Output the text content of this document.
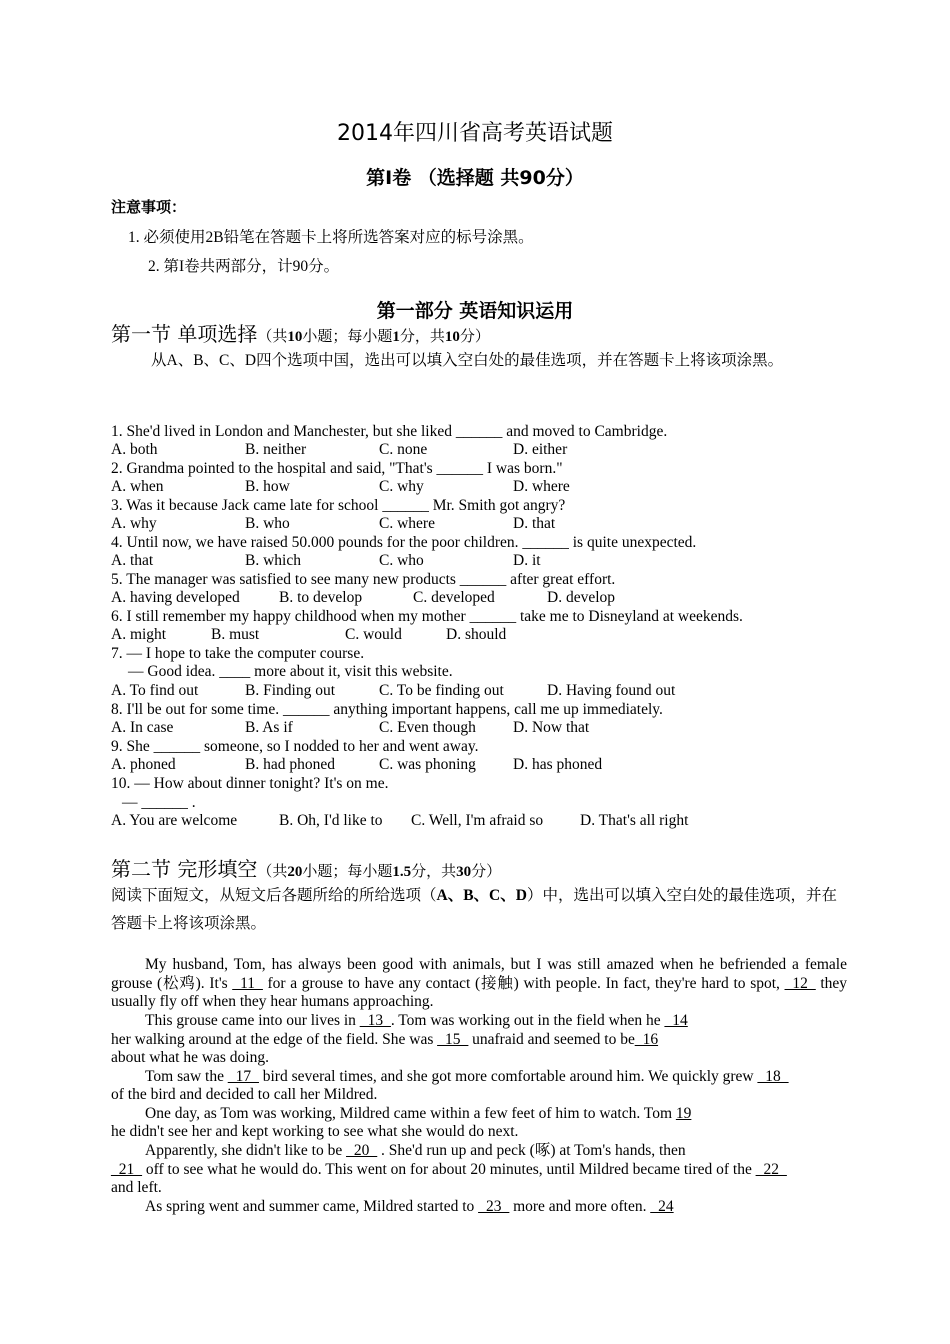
2014年四川省高考英语试题
第Ⅰ卷 （选择题 共90分）
注意事项：
1. 必须使用2B铅笔在答题卡上将所选答案对应的标号涂黑。
2. 第I卷共两部分，计90分。
第一部分 英语知识运用
第一节 单项选择（共10小题；每小题1分，共10分）
从A、B、C、D四个选项中国，选出可以填入空白处的最佳选项，并在答题卡上将该项涂黑。
1. She'd lived in London and Manchester, but she liked ______ and moved to Cambridge.
A. both	B. neither	C. none	D. either
2. Grandma pointed to the hospital and said, "That's ______ I was born."
A. when	B. how	C. why	D. where
3. Was it because Jack came late for school ______ Mr. Smith got angry?
A. why	B. who	C. where	D. that
4. Until now, we have raised 50.000 pounds for the poor children. ______ is quite unexpected.
A. that	B. which	C. who	D. it
5. The manager was satisfied to see many new products ______ after great effort.
A. having developed	B. to develop	C. developed	D. develop
6. I still remember my happy childhood when my mother ______ take me to Disneyland at weekends.
A. might	B. must	C. would	D. should
7. — I hope to take the computer course.
— Good idea. ____ more about it, visit this website.
A. To find out	B. Finding out	C. To be finding out	D. Having found out
8. I'll be out for some time. ______ anything important happens, call me up immediately.
A. In case	B. As if	C. Even though D. Now that
9. She ______ someone, so I nodded to her and went away.
A. phoned	B. had phoned	C. was phoning D. has phoned
10. — How about dinner tonight? It's on me.
— ______ .
A. You are welcome	B. Oh, I'd like to C. Well, I'm afraid so D. That's all right
第二节 完形填空（共20小题；每小题1.5分，共30分）
阅读下面短文，从短文后各题所给的所给选项（A、B、C、D）中，选出可以填入空白处的最佳选项，并在答题卡上将该项涂黑。
My husband, Tom, has always been good with animals, but I was still amazed when he befriended a female grouse (松鸡). It's _11_ for a grouse to have any contact (接触) with people. In fact, they're hard to spot, _12_ they usually fly off when they hear humans approaching.
This grouse came into our lives in _13_. Tom was working out in the field when he _14
her walking around at the edge of the field. She was _15_ unafraid and seemed to be_16
about what he was doing.
Tom saw the _17_ bird several times, and she got more comfortable around him. We quickly grew _18_
of the bird and decided to call her Mildred.
One day, as Tom was working, Mildred came within a few feet of him to watch. Tom 19
he didn't see her and kept working to see what she would do next.
Apparently, she didn't like to be _20_ . She'd run up and peck (啄) at Tom's hands, then
_21_ off to see what he would do. This went on for about 20 minutes, until Mildred became tired of the _22_
and left.
As spring went and summer came, Mildred started to _23_ more and more often. _24
